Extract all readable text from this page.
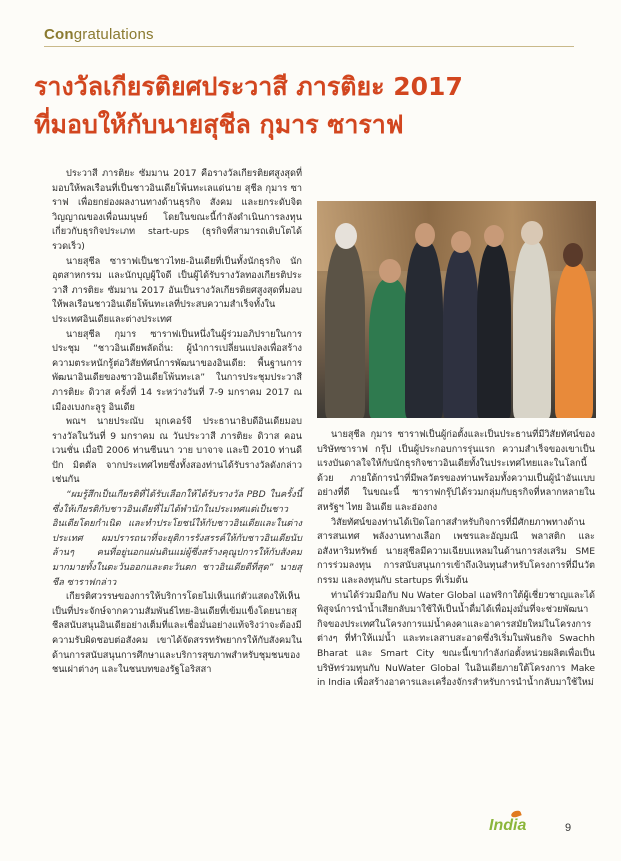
Congratulations
รางวัลเกียรติยศประวาสี ภารติยะ 2017
ที่มอบให้กับนายสุชีล กุมาร ซาราฟ

ประวาสี ภารติยะ ซัมมาน 2017 คือรางวัลเกียรติยศสูงสุดที่มอบให้พลเรือนที่เป็นชาวอินเดียโพ้นทะเลแด่นาย สุชีล กุมาร ซาราฟ เพื่อยกย่องผลงานทางด้านธุรกิจ สังคม และยกระดับจิตวิญญาณของเพื่อนมนุษย์ โดยในขณะนี้กำลังดำเนินการลงทุนเกี่ยวกับธุรกิจประเภท start-ups (ธุรกิจที่สามารถเติบโตได้รวดเร็ว)

นายสุชีล ซาราฟเป็นชาวไทย-อินเดียที่เป็นทั้งนักธุรกิจ นักอุตสาหกรรม และนักบุญผู้ใจดี เป็นผู้ได้รับรางวัลทองเกียรติประวาสี ภารติยะ ซัมมาน 2017 อันเป็นรางวัลเกียรติยศสูงสุดที่มอบให้พลเรือนชาวอินเดียโพ้นทะเลที่ประสบความสำเร็จทั้งในประเทศอินเดียและต่างประเทศ

นายสุชีล กุมาร ซาราฟเป็นหนึ่งในผู้ร่วมอภิปรายในการประชุม “ชาวอินเดียพลัดถิ่น: ผู้นำการเปลี่ยนแปลงเพื่อสร้างความตระหนักรู้ต่อวิสัยทัศน์การพัฒนาของอินเดีย: พื้นฐานการพัฒนาอินเดียของชาวอินเดียโพ้นทะเล” ในการประชุมประวาสี ภารติยะ ดิวาส ครั้งที่ 14 ระหว่างวันที่ 7-9 มกราคม 2017 ณ เมืองเบงกะลูรู อินเดีย

พณฯ นายประณับ มุกเคอร์จี ประธานาธิบดีอินเดียมอบรางวัลในวันที่ 9 มกราคม ณ วันประวาสี ภารติยะ ดิวาส คอนเวนชั่น เมื่อปี 2006 ท่านซีนนา วาย บาจาจ และปี 2010 ท่านดีปัก มิตตัล จากประเทศไทยซึ่งทั้งสองท่านได้รับรางวัลดังกล่าวเช่นกัน

“ผมรู้สึกเป็นเกียรติที่ได้รับเลือกให้ได้รับรางวัล PBD ในครั้งนี้ ซึ่งให้เกียรติกับชาวอินเดียที่ไม่ได้พำนักในประเทศแต่เป็นชาวอินเดียโดยกำเนิด และทำประโยชน์ให้กับชาวอินเดียและในต่างประเทศ ผมปรารถนาที่จะยุติการรังสรรค์ให้กับชาวอินเดียนับล้านๆ คนที่อยู่นอกแผ่นดินแม่ผู้ซึ่งสร้างคุณูปการให้กับสังคมมากมายทั้งในตะวันออกและตะวันตก ชาวอินเดียดีที่สุด” นายสุชีล ซาราฟกล่าว

เกียรติศวรรษของการให้บริการโดยไม่เห็นแก่ตัวแสดงให้เห็นเป็นที่ประจักษ์จากความสัมพันธ์ไทย-อินเดียที่เข้มแข็งโดยนายสุชีลสนับสนุนอินเดียอย่างเต็มที่และเชื่อมั่นอย่างแท้จริงว่าจะต้องมีความรับผิดชอบต่อสังคม เขาได้จัดสรรทรัพยากรให้กับสังคมในด้านการสนับสนุนการศึกษาและบริการสุขภาพสำหรับชุมชนของชนเผ่าต่างๆ และในชนบทของรัฐโอริสสา

นายสุชีล กุมาร ซาราฟเป็นผู้ก่อตั้งและเป็นประธานที่มีวิสัยทัศน์ของบริษัทซาราฟ กรุ๊ป เป็นผู้ประกอบการรุ่นแรก ความสำเร็จของเขาเป็นแรงบันดาลใจให้กับนักธุรกิจชาวอินเดียทั้งในประเทศไทยและในโลกนี้ด้วย ภายใต้การนำที่มีพลวัตรของท่านพร้อมทั้งความเป็นผู้นำอันแบบอย่างที่ดี ในขณะนี้ ซาราฟกรุ๊ปได้รวมกลุ่มกับธุรกิจที่หลากหลายในสหรัฐฯ ไทย อินเดีย และฮ่องกง

วิสัยทัศน์ของท่านได้เปิดโอกาสสำหรับกิจการที่มีศักยภาพทางด้านสารสนเทศ พลังงานทางเลือก เพชรและอัญมณี พลาสติก และอสังหาริมทรัพย์ นายสุชีลมีความเฉียบแหลมในด้านการส่งเสริม SME การร่วมลงทุน การสนับสนุนการเข้าถึงเงินทุนสำหรับโครงการที่มีนวัตกรรม และลงทุนกับ startups ที่เริ่มต้น

ท่านได้ร่วมมือกับ Nu Water Global แอฟริกาใต้ผู้เชี่ยวชาญและได้พิสูจน์การนำน้ำเสียกลับมาใช้ให้เป็นน้ำดื่มได้เพื่อมุ่งมั่นที่จะช่วยพัฒนากิจของประเทศในโครงการแม่น้ำคงคาและอาคารสมัยใหม่ในโครงการต่างๆ ที่ทำให้แม่น้ำ และทะเลสาบสะอาดซึ่งริเริ่มในพันธกิจ Swachh Bharat และ Smart City ขณะนี้เขากำลังก่อตั้งหน่วยผลิตเพื่อเป็นบริษัทร่วมทุนกับ NuWater Global ในอินเดียภายใต้โครงการ Make in India เพื่อสร้างอาคารและเครื่องจักรสำหรับการนำน้ำกลับมาใช้ใหม่

India	9
